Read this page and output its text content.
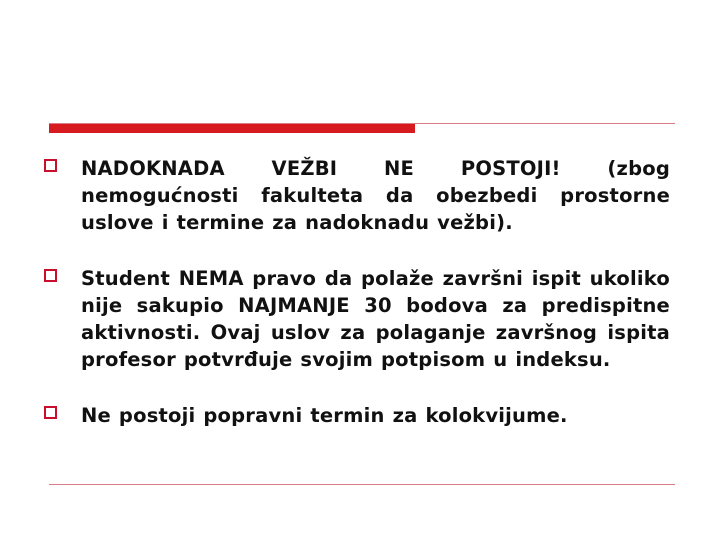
NADOKNADA VEŽBI NE POSTOJI! (zbog nemogućnosti fakulteta da obezbedi prostorne uslove i termine za nadoknadu vežbi).
Student NEMA pravo da polaže završni ispit ukoliko nije sakupio NAJMANJE 30 bodova za predispitne aktivnosti. Ovaj uslov za polaganje završnog ispita profesor potvrđuje svojim potpisom u indeksu.
Ne postoji popravni termin za kolokvijume.
